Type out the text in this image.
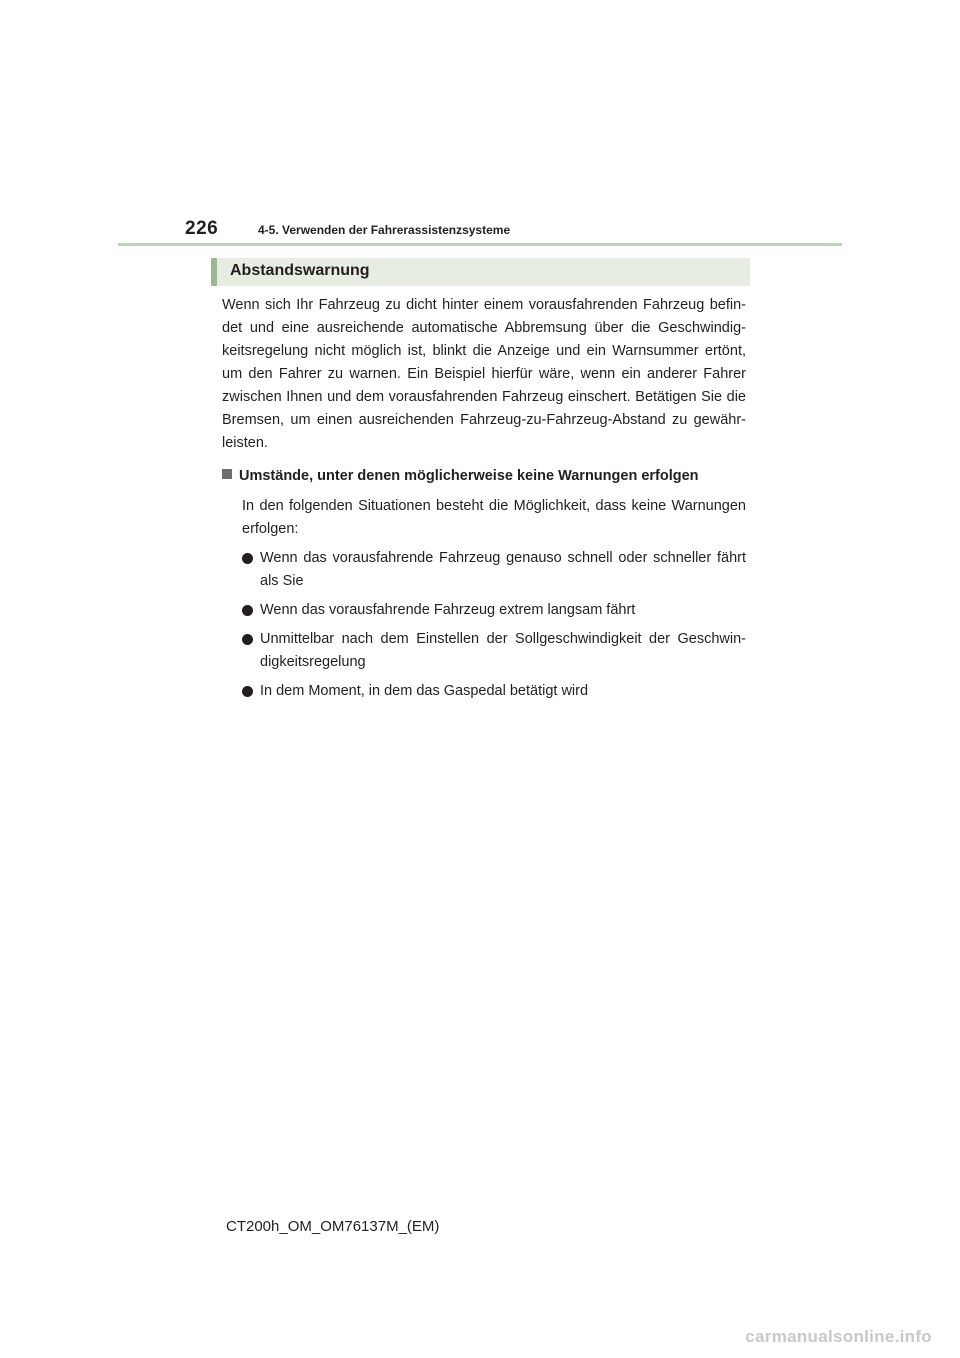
226	4-5. Verwenden der Fahrerassistenzsysteme
Abstandswarnung

Wenn sich Ihr Fahrzeug zu dicht hinter einem vorausfahrenden Fahrzeug befin-det und eine ausreichende automatische Abbremsung über die Geschwindig-keitsregelung nicht möglich ist, blinkt die Anzeige und ein Warnsummer ertönt, um den Fahrer zu warnen. Ein Beispiel hierfür wäre, wenn ein anderer Fahrer zwischen Ihnen und dem vorausfahrenden Fahrzeug einschert. Betätigen Sie die Bremsen, um einen ausreichenden Fahrzeug-zu-Fahrzeug-Abstand zu gewähr-leisten.

Umstände, unter denen möglicherweise keine Warnungen erfolgen

In den folgenden Situationen besteht die Möglichkeit, dass keine Warnungen erfolgen:

Wenn das vorausfahrende Fahrzeug genauso schnell oder schneller fährt als Sie
Wenn das vorausfahrende Fahrzeug extrem langsam fährt
Unmittelbar nach dem Einstellen der Sollgeschwindigkeit der Geschwin-digkeitsregelung
In dem Moment, in dem das Gaspedal betätigt wird
CT200h_OM_OM76137M_(EM)
carmanualsonline.info
